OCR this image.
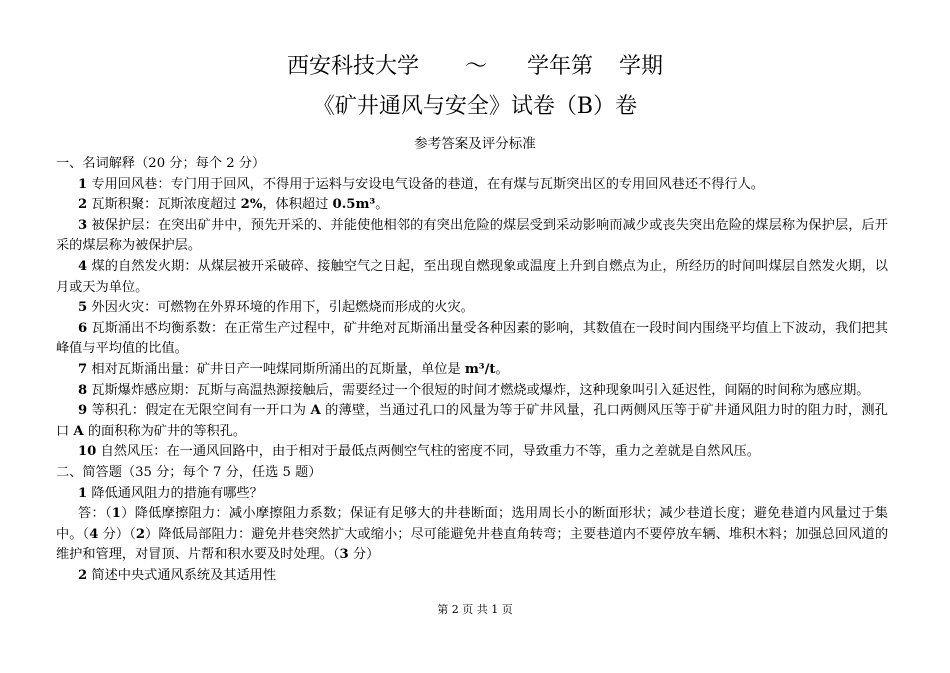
西安科技大学 ～ 学年第 学期
《矿井通风与安全》试卷（B）卷
参考答案及评分标准

一、名词解释（20 分；每个 2 分）

1 专用回风巷：专门用于回风，不得用于运料与安设电气设备的巷道，在有煤与瓦斯突出区的专用回风巷还不得行人。

2 瓦斯积聚：瓦斯浓度超过 2%，体积超过 0.5m³。

3 被保护层：在突出矿井中，预先开采的、并能使他相邻的有突出危险的煤层受到采动影响而减少或丧失突出危险的煤层称为保护层，后开采的煤层称为被保护层。

4 煤的自然发火期：从煤层被开采破碎、接触空气之日起，至出现自燃现象或温度上升到自燃点为止，所经历的时间叫煤层自然发火期，以月或天为单位。

5 外因火灾：可燃物在外界环境的作用下，引起燃烧而形成的火灾。

6 瓦斯涌出不均衡系数：在正常生产过程中，矿井绝对瓦斯涌出量受各种因素的影响，其数值在一段时间内围绕平均值上下波动，我们把其峰值与平均值的比值。

7 相对瓦斯涌出量：矿井日产一吨煤同斯所涌出的瓦斯量，单位是 m³/t。

8 瓦斯爆炸感应期：瓦斯与高温热源接触后，需要经过一个很短的时间才燃烧或爆炸，这种现象叫引入延迟性，间隔的时间称为感应期。

9 等积孔：假定在无限空间有一开口为 A 的薄壁，当通过孔口的风量为等于矿井风量，孔口两侧风压等于矿井通风阻力时的阻力时，测孔口 A 的面积称为矿井的等积孔。

10 自然风压：在一通风回路中，由于相对于最低点两侧空气柱的密度不同，导致重力不等，重力之差就是自然风压。

二、简答题（35 分；每个 7 分，任选 5 题）

1 降低通风阻力的措施有哪些？

答：（1）降低摩擦阻力：减小摩擦阻力系数；保证有足够大的井巷断面；选用周长小的断面形状；减少巷道长度；避免巷道内风量过于集中。（4 分）（2）降低局部阻力：避免井巷突然扩大或缩小；尽可能避免井巷直角转弯；主要巷道内不要停放车辆、堆积木料；加强总回风道的维护和管理，对冒顶、片帮和积水要及时处理。（3 分）

2 简述中央式通风系统及其适用性

第 2 页 共 1 页
